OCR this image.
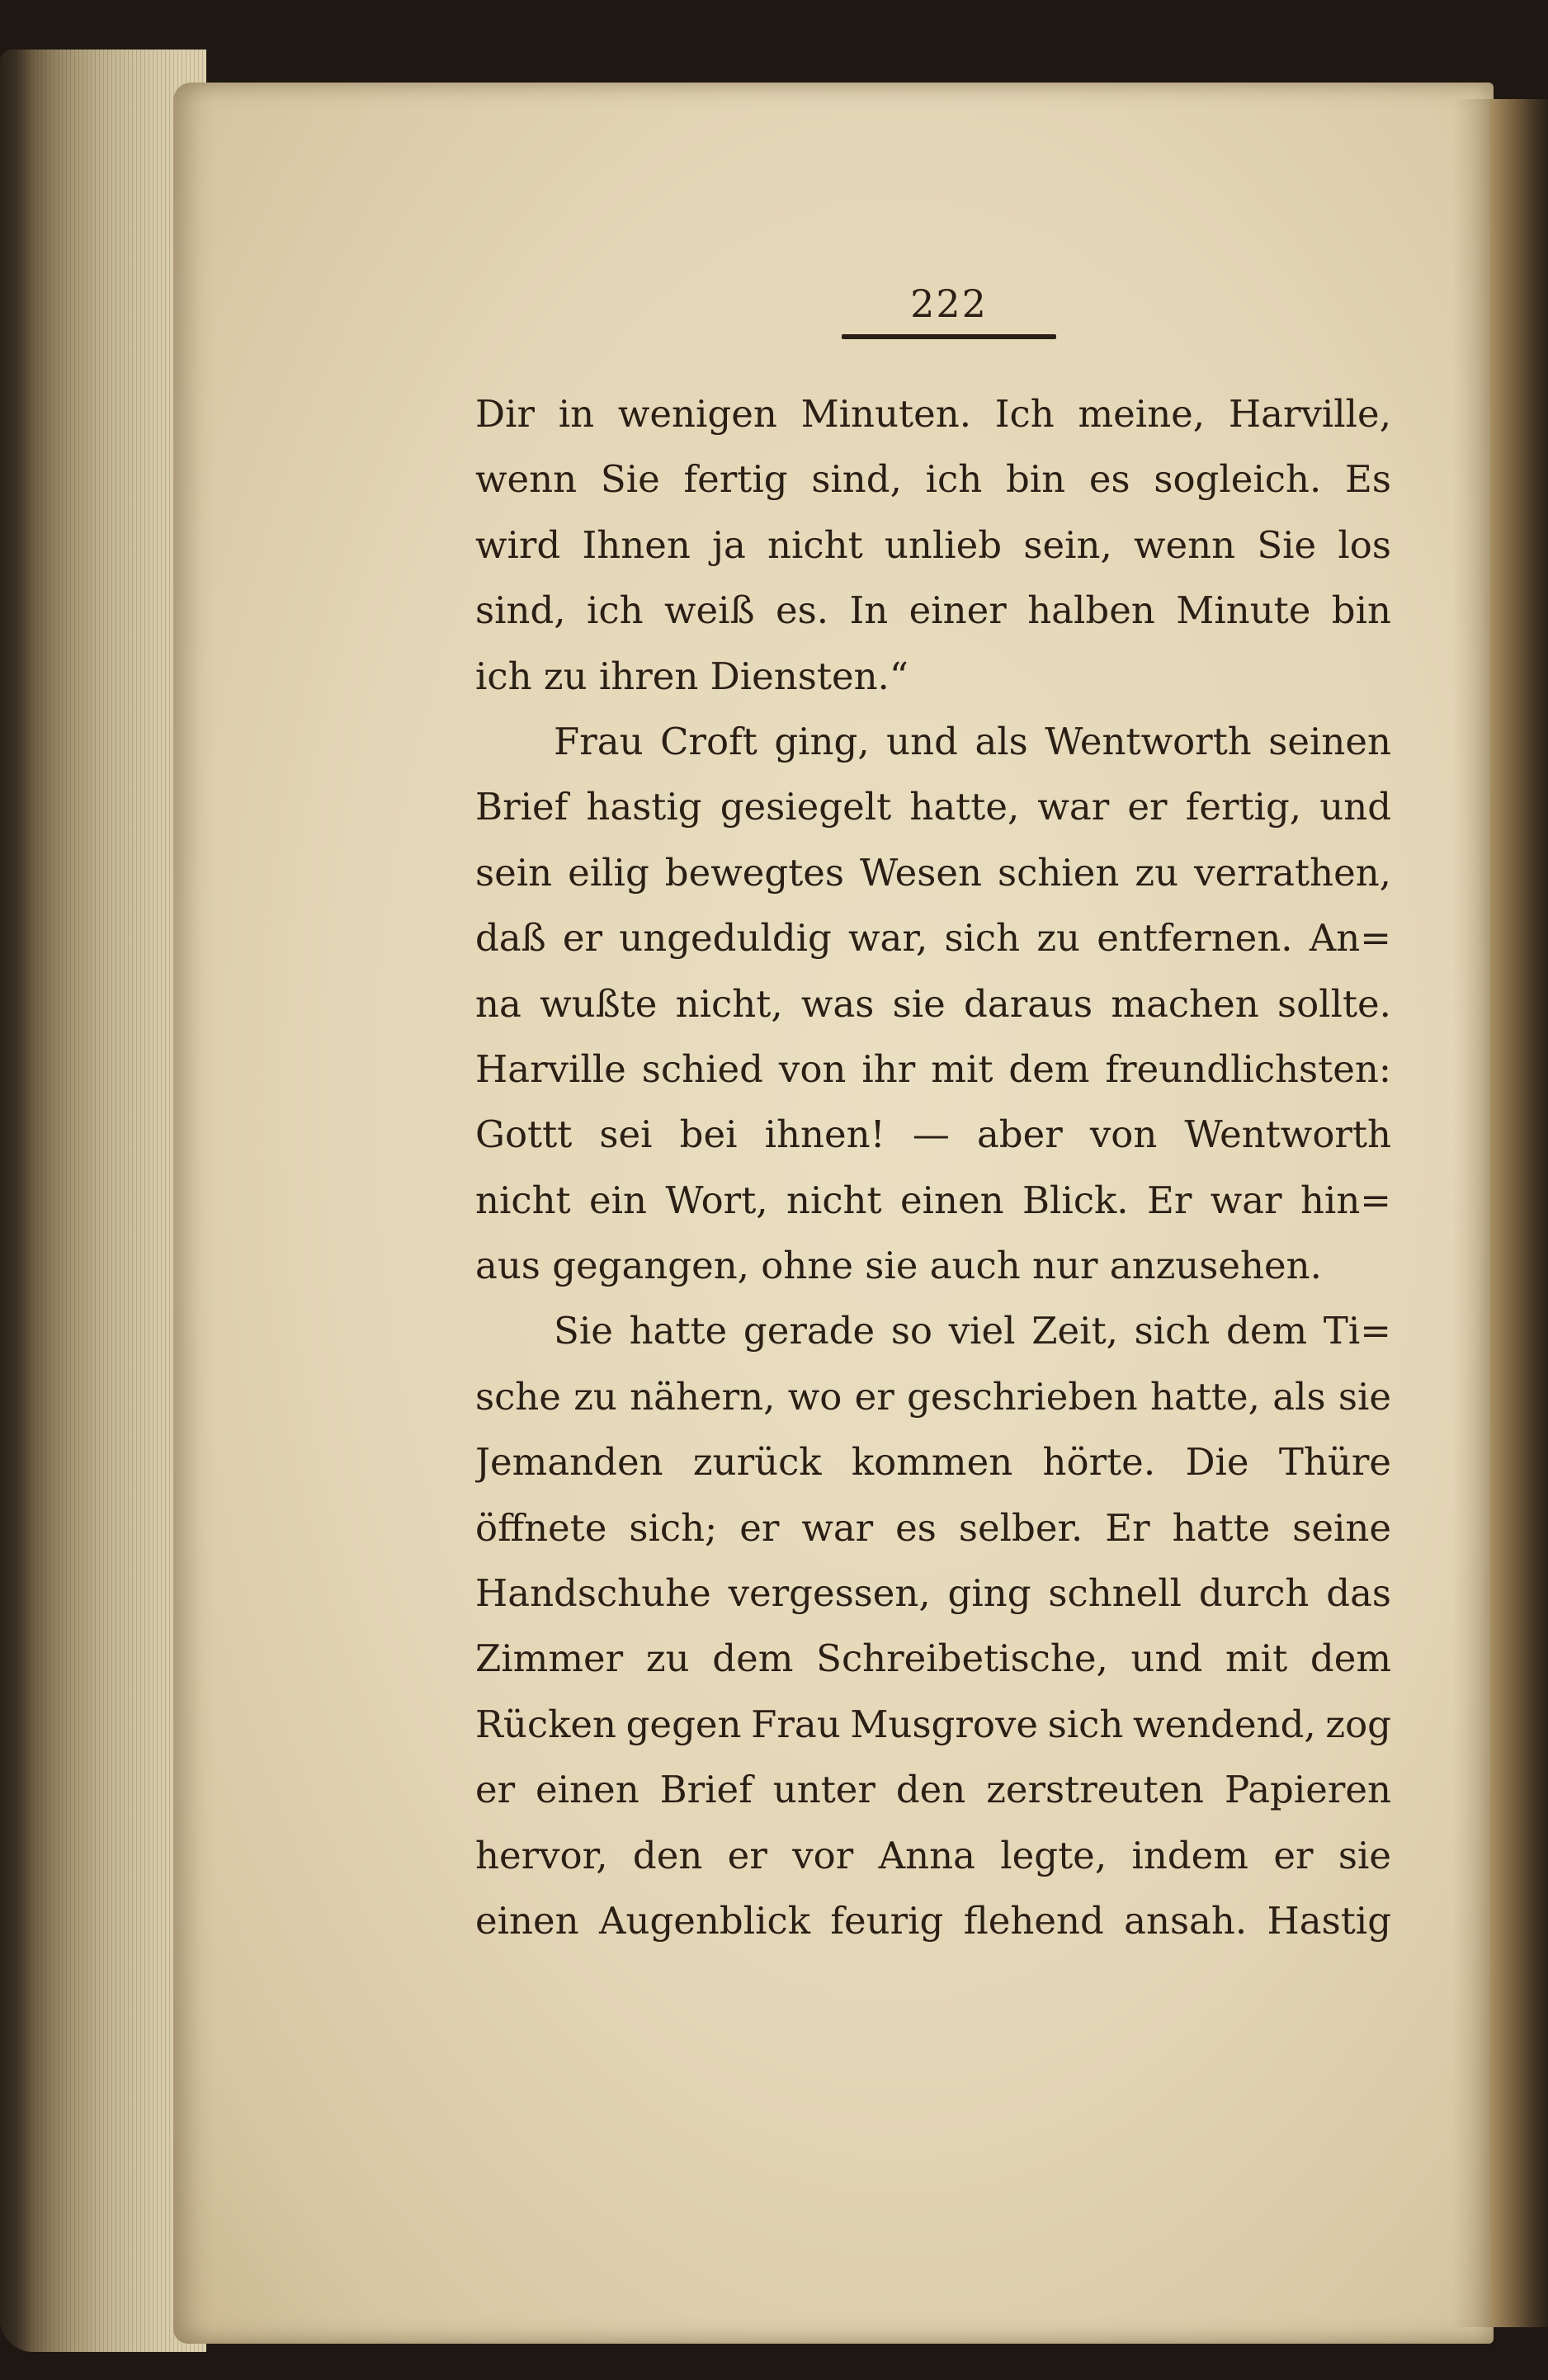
222
Dir in wenigen Minuten. Ich meine, Harville,
wenn Sie fertig sind, ich bin es sogleich. Es
wird Ihnen ja nicht unlieb sein, wenn Sie los
sind, ich weiß es. In einer halben Minute bin
ich zu ihren Diensten.“
Frau Croft ging, und als Wentworth seinen
Brief hastig gesiegelt hatte, war er fertig, und
sein eilig bewegtes Wesen schien zu verrathen,
daß er ungeduldig war, sich zu entfernen. An=
na wußte nicht, was sie daraus machen sollte.
Harville schied von ihr mit dem freundlichsten:
Gottt sei bei ihnen! — aber von Wentworth
nicht ein Wort, nicht einen Blick. Er war hin=
aus gegangen, ohne sie auch nur anzusehen.
Sie hatte gerade so viel Zeit, sich dem Ti=
sche zu nähern, wo er geschrieben hatte, als sie
Jemanden zurück kommen hörte. Die Thüre
öffnete sich; er war es selber. Er hatte seine
Handschuhe vergessen, ging schnell durch das
Zimmer zu dem Schreibetische, und mit dem
Rücken gegen Frau Musgrove sich wendend, zog
er einen Brief unter den zerstreuten Papieren
hervor, den er vor Anna legte, indem er sie
einen Augenblick feurig flehend ansah. Hastig
